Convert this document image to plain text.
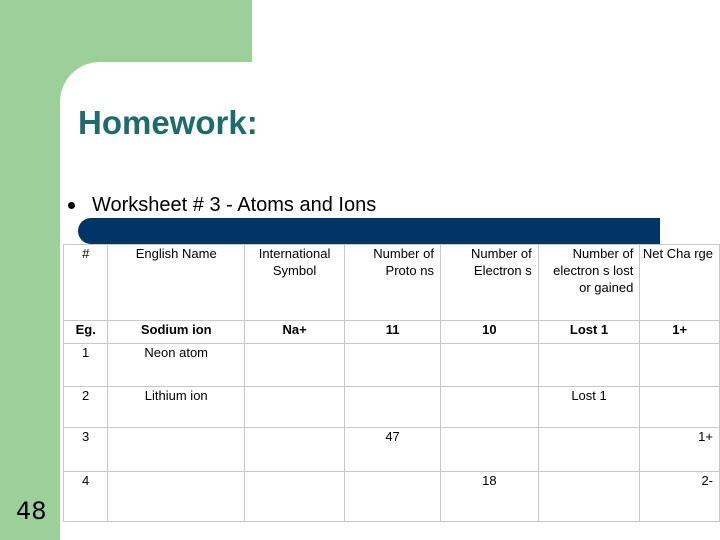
Homework:
Worksheet # 3 - Atoms and Ions
#	English Name	International Symbol	Number of Proto ns	Number of Electron s	Number of electron s lost or gained	Net Cha rge
Eg.	Sodium ion	Na+	11	10	Lost 1	1+
1	Neon atom					
2	Lithium ion				Lost 1	
3			47			1+
4				18		2-
48
